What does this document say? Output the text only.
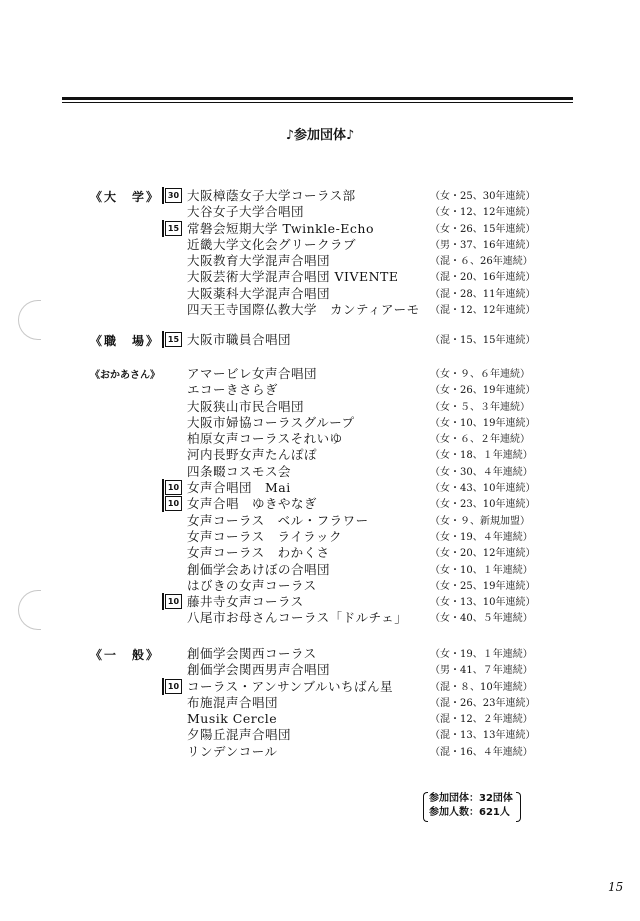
♪参加団体♪
《大　学》 30 大阪樟蔭女子大学コーラス部	（女・25、30年連続）
大谷女子大学合唱団	（女・12、12年連続）
15 常磐会短期大学 Twinkle-Echo	（女・26、15年連続）
近畿大学文化会グリークラブ	（男・37、16年連続）
大阪教育大学混声合唱団	（混・６、26年連続）
大阪芸術大学混声合唱団 VIVENTE	（混・20、16年連続）
大阪薬科大学混声合唱団	（混・28、11年連続）
四天王寺国際仏教大学　カンティアーモ （混・12、12年連続）
《職　場》 15 大阪市職員合唱団	（混・15、15年連続）
《おかあさん》 アマービレ女声合唱団	（女・９、６年連続）
エコーきさらぎ	（女・26、19年連続）
大阪狭山市民合唱団	（女・５、３年連続）
大阪市婦協コーラスグループ	（女・10、19年連続）
柏原女声コーラスそれいゆ	（女・６、２年連続）
河内長野女声たんぽぽ	（女・18、１年連続）
四条畷コスモス会	（女・30、４年連続）
10 女声合唱団　Mai	（女・43、10年連続）
10 女声合唱　ゆきやなぎ	（女・23、10年連続）
女声コーラス　ベル・フラワー	（女・９、新規加盟）
女声コーラス　ライラック	（女・19、４年連続）
女声コーラス　わかくさ	（女・20、12年連続）
創価学会あけぼの合唱団	（女・10、１年連続）
はびきの女声コーラス	（女・25、19年連続）
10 藤井寺女声コーラス	（女・13、10年連続）
八尾市お母さんコーラス「ドルチェ」 （女・40、５年連続）
《一　般》 創価学会関西コーラス	（女・19、１年連続）
創価学会関西男声合唱団	（男・41、７年連続）
10 コーラス・アンサンブルいちばん星	（混・８、10年連続）
布施混声合唱団	（混・26、23年連続）
Musik Cercle	（混・12、２年連続）
夕陽丘混声合唱団	（混・13、13年連続）
リンデンコール	（混・16、４年連続）
参加団体：32団体
参加人数：621人
15
